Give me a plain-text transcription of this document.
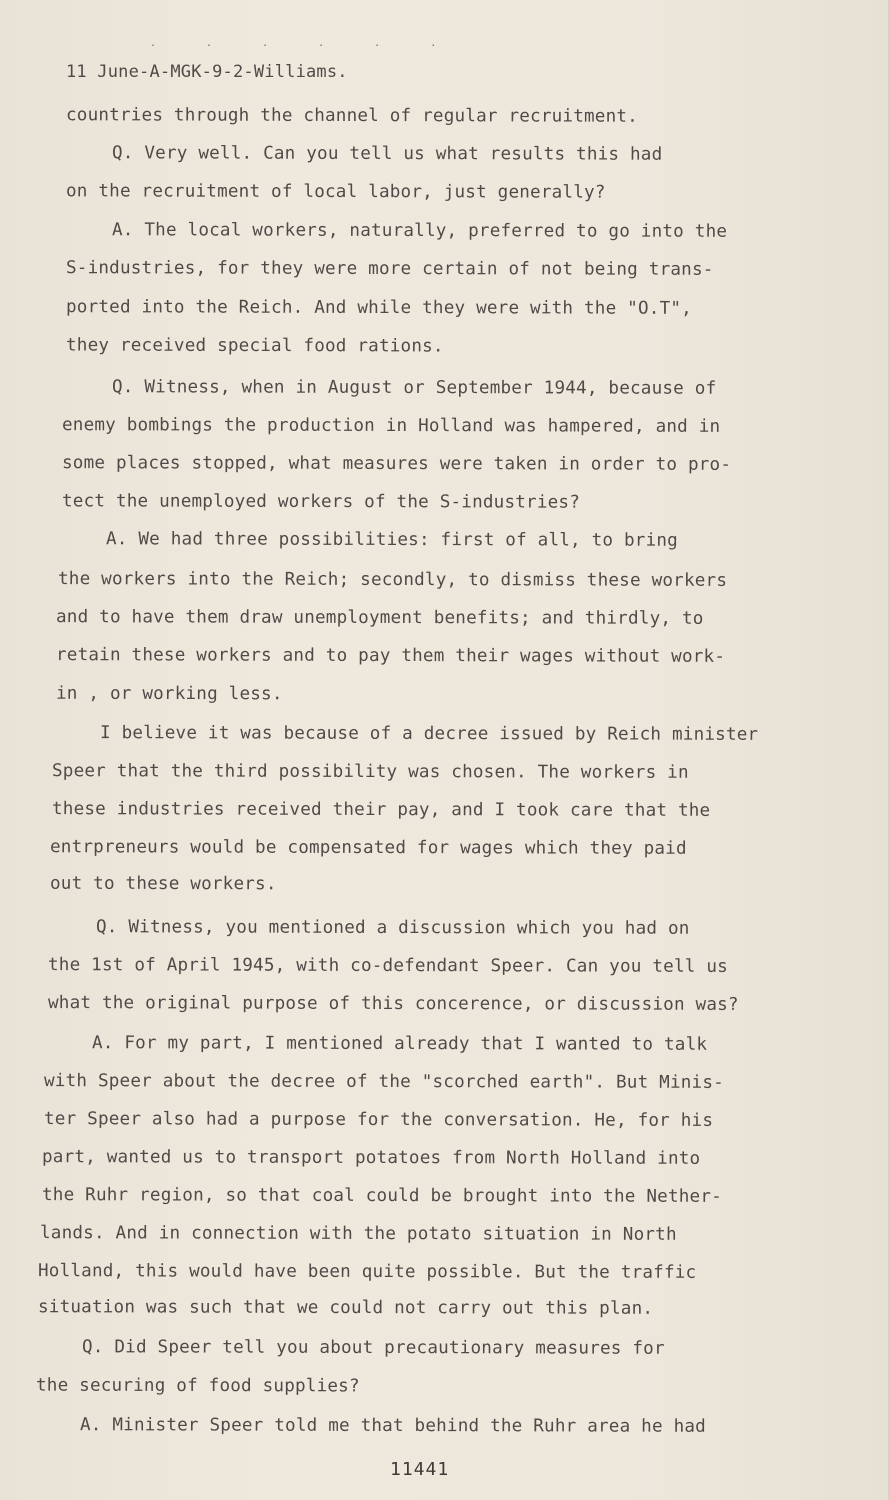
. . . . . .
11 June-A-MGK-9-2-Williams.
countries through the channel of regular recruitment.
Q. Very well. Can you tell us what results this had
on the recruitment of local labor, just generally?
A. The local workers, naturally, preferred to go into the
S-industries, for they were more certain of not being trans-
ported into the Reich. And while they were with the "O.T",
they received special food rations.
Q. Witness, when in August or September 1944, because of
enemy bombings the production in Holland was hampered, and in
some places stopped, what measures were taken in order to pro-
tect the unemployed workers of the S-industries?
A. We had three possibilities: first of all, to bring
the workers into the Reich; secondly, to dismiss these workers
and to have them draw unemployment benefits; and thirdly, to
retain these workers and to pay them their wages without work-
in , or working less.
I believe it was because of a decree issued by Reich minister
Speer that the third possibility was chosen. The workers in
these industries received their pay, and I took care that the
entrpreneurs would be compensated for wages which they paid
out to these workers.
Q. Witness, you mentioned a discussion which you had on
the 1st of April 1945, with co-defendant Speer. Can you tell us
what the original purpose of this concerence, or discussion was?
A. For my part, I mentioned already that I wanted to talk
with Speer about the decree of the "scorched earth". But Minis-
ter Speer also had a purpose for the conversation. He, for his
part, wanted us to transport potatoes from North Holland into
the Ruhr region, so that coal could be brought into the Nether-
lands. And in connection with the potato situation in North
Holland, this would have been quite possible. But the traffic
situation was such that we could not carry out this plan.
Q. Did Speer tell you about precautionary measures for
the securing of food supplies?
A. Minister Speer told me that behind the Ruhr area he had
11441
